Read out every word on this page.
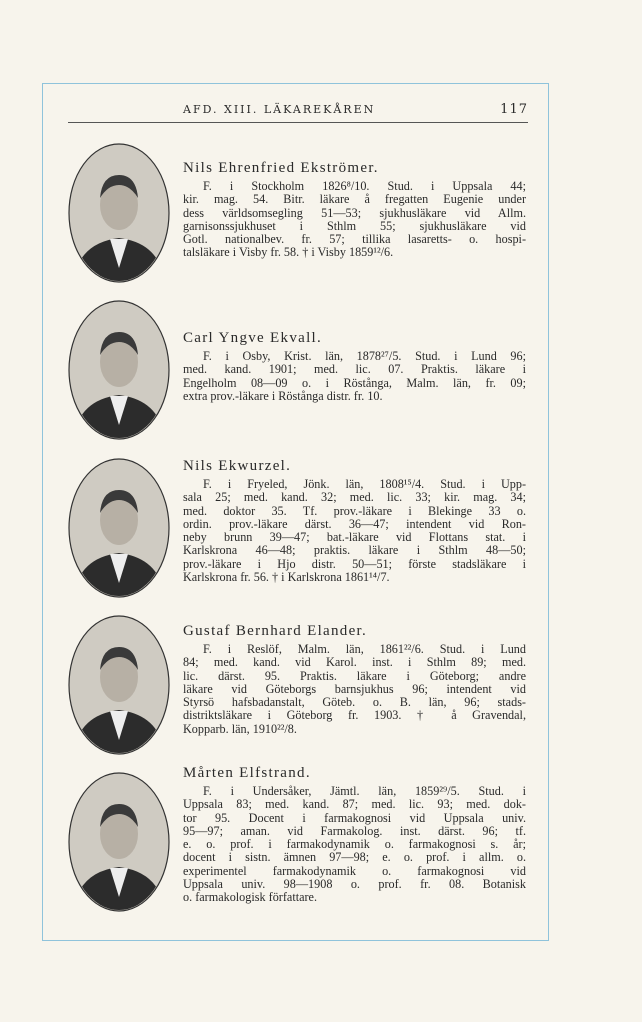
AFD. XIII. LÄKAREKÅREN	117
Nils Ehrenfried Ekströmer.
F. i Stockholm 1826⁸/10. Stud. i Uppsala 44;
kir. mag. 54. Bitr. läkare å fregatten Eugenie under
dess världsomsegling 51—53; sjukhusläkare vid Allm.
garnisonssjukhuset i Sthlm 55; sjukhusläkare vid
Gotl. nationalbev. fr. 57; tillika lasaretts- o. hospi-
talsläkare i Visby fr. 58. † i Visby 1859¹²/6.
Carl Yngve Ekvall.
F. i Osby, Krist. län, 1878²⁷/5. Stud. i Lund 96;
med. kand. 1901; med. lic. 07. Praktis. läkare i
Engelholm 08—09 o. i Röstånga, Malm. län, fr. 09;
extra prov.-läkare i Röstånga distr. fr. 10.
Nils Ekwurzel.
F. i Fryeled, Jönk. län, 1808¹⁵/4. Stud. i Upp-
sala 25; med. kand. 32; med. lic. 33; kir. mag. 34;
med. doktor 35. Tf. prov.-läkare i Blekinge 33 o.
ordin. prov.-läkare därst. 36—47; intendent vid Ron-
neby brunn 39—47; bat.-läkare vid Flottans stat. i
Karlskrona 46—48; praktis. läkare i Sthlm 48—50;
prov.-läkare i Hjo distr. 50—51; förste stadsläkare i
Karlskrona fr. 56. † i Karlskrona 1861¹⁴/7.
Gustaf Bernhard Elander.
F. i Reslöf, Malm. län, 1861²²/6. Stud. i Lund
84; med. kand. vid Karol. inst. i Sthlm 89; med.
lic. därst. 95. Praktis. läkare i Göteborg; andre
läkare vid Göteborgs barnsjukhus 96; intendent vid
Styrsö hafsbadanstalt, Göteb. o. B. län, 96; stads-
distriktsläkare i Göteborg fr. 1903. † å Gravendal,
Kopparb. län, 1910²²/8.
Mårten Elfstrand.
F. i Undersåker, Jämtl. län, 1859²⁹/5. Stud. i
Uppsala 83; med. kand. 87; med. lic. 93; med. dok-
tor 95. Docent i farmakognosi vid Uppsala univ.
95—97; aman. vid Farmakolog. inst. därst. 96; tf.
e. o. prof. i farmakodynamik o. farmakognosi s. år;
docent i sistn. ämnen 97—98; e. o. prof. i allm. o.
experimentel farmakodynamik o. farmakognosi vid
Uppsala univ. 98—1908 o. prof. fr. 08. Botanisk
o. farmakologisk författare.
